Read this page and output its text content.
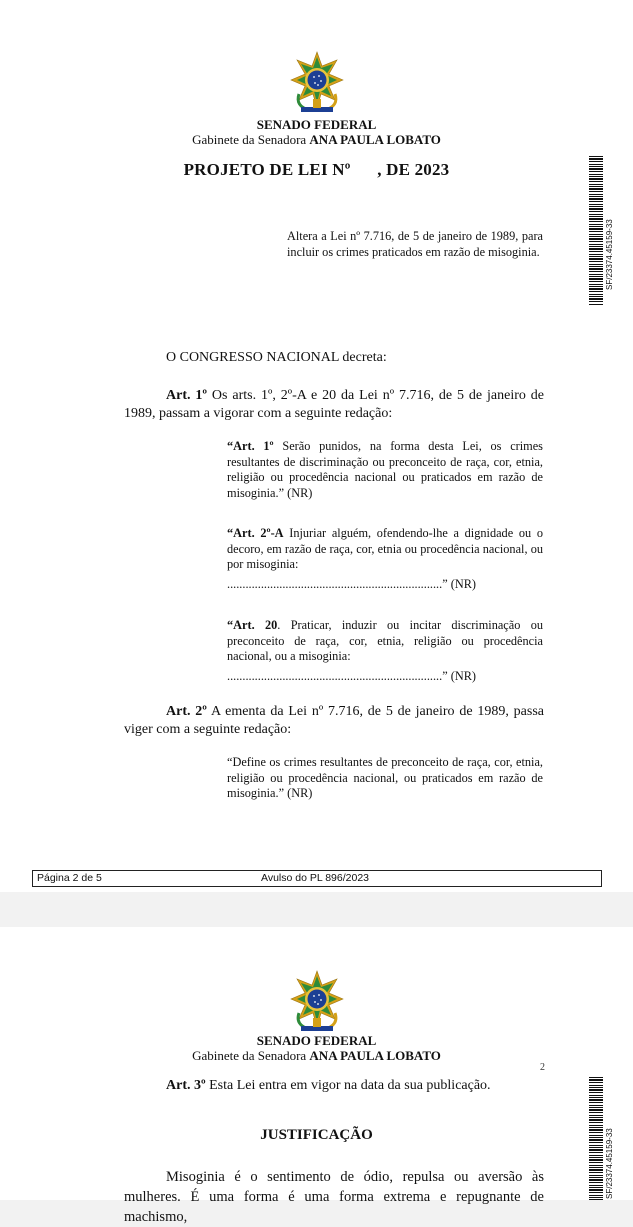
SENADO FEDERAL
Gabinete da Senadora ANA PAULA LOBATO
PROJETO DE LEI Nº      , DE 2023
Altera a Lei nº 7.716, de 5 de janeiro de 1989, para incluir os crimes praticados em razão de misoginia.
O CONGRESSO NACIONAL decreta:
Art. 1º Os arts. 1º, 2º-A e 20 da Lei nº 7.716, de 5 de janeiro de 1989, passam a vigorar com a seguinte redação:
“Art. 1º Serão punidos, na forma desta Lei, os crimes resultantes de discriminação ou preconceito de raça, cor, etnia, religião ou procedência nacional ou praticados em razão de misoginia.” (NR)
“Art. 2º-A Injuriar alguém, ofendendo-lhe a dignidade ou o decoro, em razão de raça, cor, etnia ou procedência nacional, ou por misoginia:
......................................................................” (NR)
“Art. 20. Praticar, induzir ou incitar discriminação ou preconceito de raça, cor, etnia, religião ou procedência nacional, ou a misoginia:
......................................................................” (NR)
Art. 2º A ementa da Lei nº 7.716, de 5 de janeiro de 1989, passa viger com a seguinte redação:
“Define os crimes resultantes de preconceito de raça, cor, etnia, religião ou procedência nacional, ou praticados em razão de misoginia.” (NR)
SF/23374.45159-33
Página 2 de 5	Avulso do PL 896/2023
SENADO FEDERAL
Gabinete da Senadora ANA PAULA LOBATO
Art. 3º Esta Lei entra em vigor na data da sua publicação.
JUSTIFICAÇÃO
Misoginia é o sentimento de ódio, repulsa ou aversão às mulheres. É uma forma é uma forma extrema e repugnante de machismo,
2
SF/23374.45159-33
